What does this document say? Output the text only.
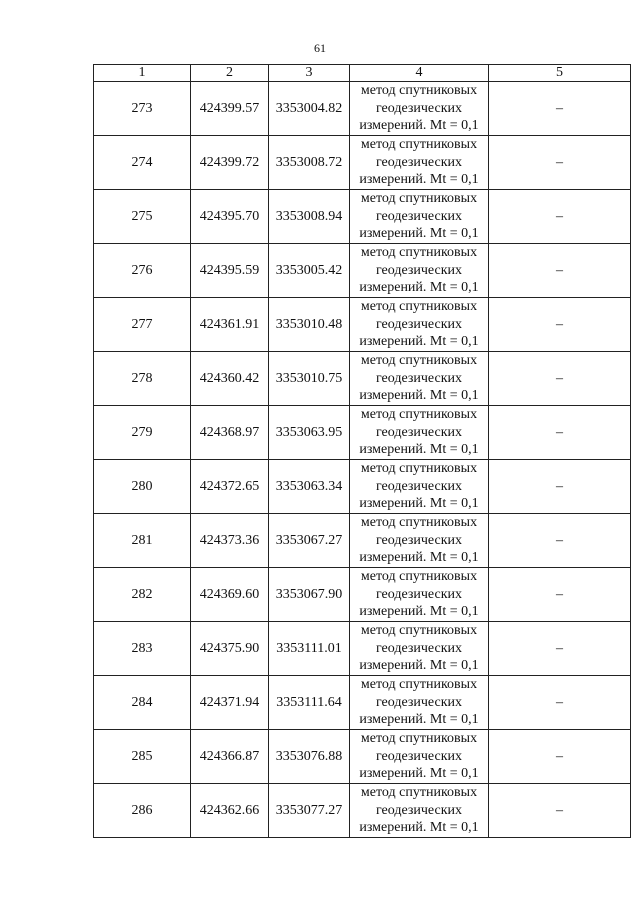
61
1	2	3	4	5
273	424399.57	3353004.82	метод спутниковых
геодезических
измерений. Mt = 0,1	–
274	424399.72	3353008.72	метод спутниковых
геодезических
измерений. Mt = 0,1	–
275	424395.70	3353008.94	метод спутниковых
геодезических
измерений. Mt = 0,1	–
276	424395.59	3353005.42	метод спутниковых
геодезических
измерений. Mt = 0,1	–
277	424361.91	3353010.48	метод спутниковых
геодезических
измерений. Mt = 0,1	–
278	424360.42	3353010.75	метод спутниковых
геодезических
измерений. Mt = 0,1	–
279	424368.97	3353063.95	метод спутниковых
геодезических
измерений. Mt = 0,1	–
280	424372.65	3353063.34	метод спутниковых
геодезических
измерений. Mt = 0,1	–
281	424373.36	3353067.27	метод спутниковых
геодезических
измерений. Mt = 0,1	–
282	424369.60	3353067.90	метод спутниковых
геодезических
измерений. Mt = 0,1	–
283	424375.90	3353111.01	метод спутниковых
геодезических
измерений. Mt = 0,1	–
284	424371.94	3353111.64	метод спутниковых
геодезических
измерений. Mt = 0,1	–
285	424366.87	3353076.88	метод спутниковых
геодезических
измерений. Mt = 0,1	–
286	424362.66	3353077.27	метод спутниковых
геодезических
измерений. Mt = 0,1	–
